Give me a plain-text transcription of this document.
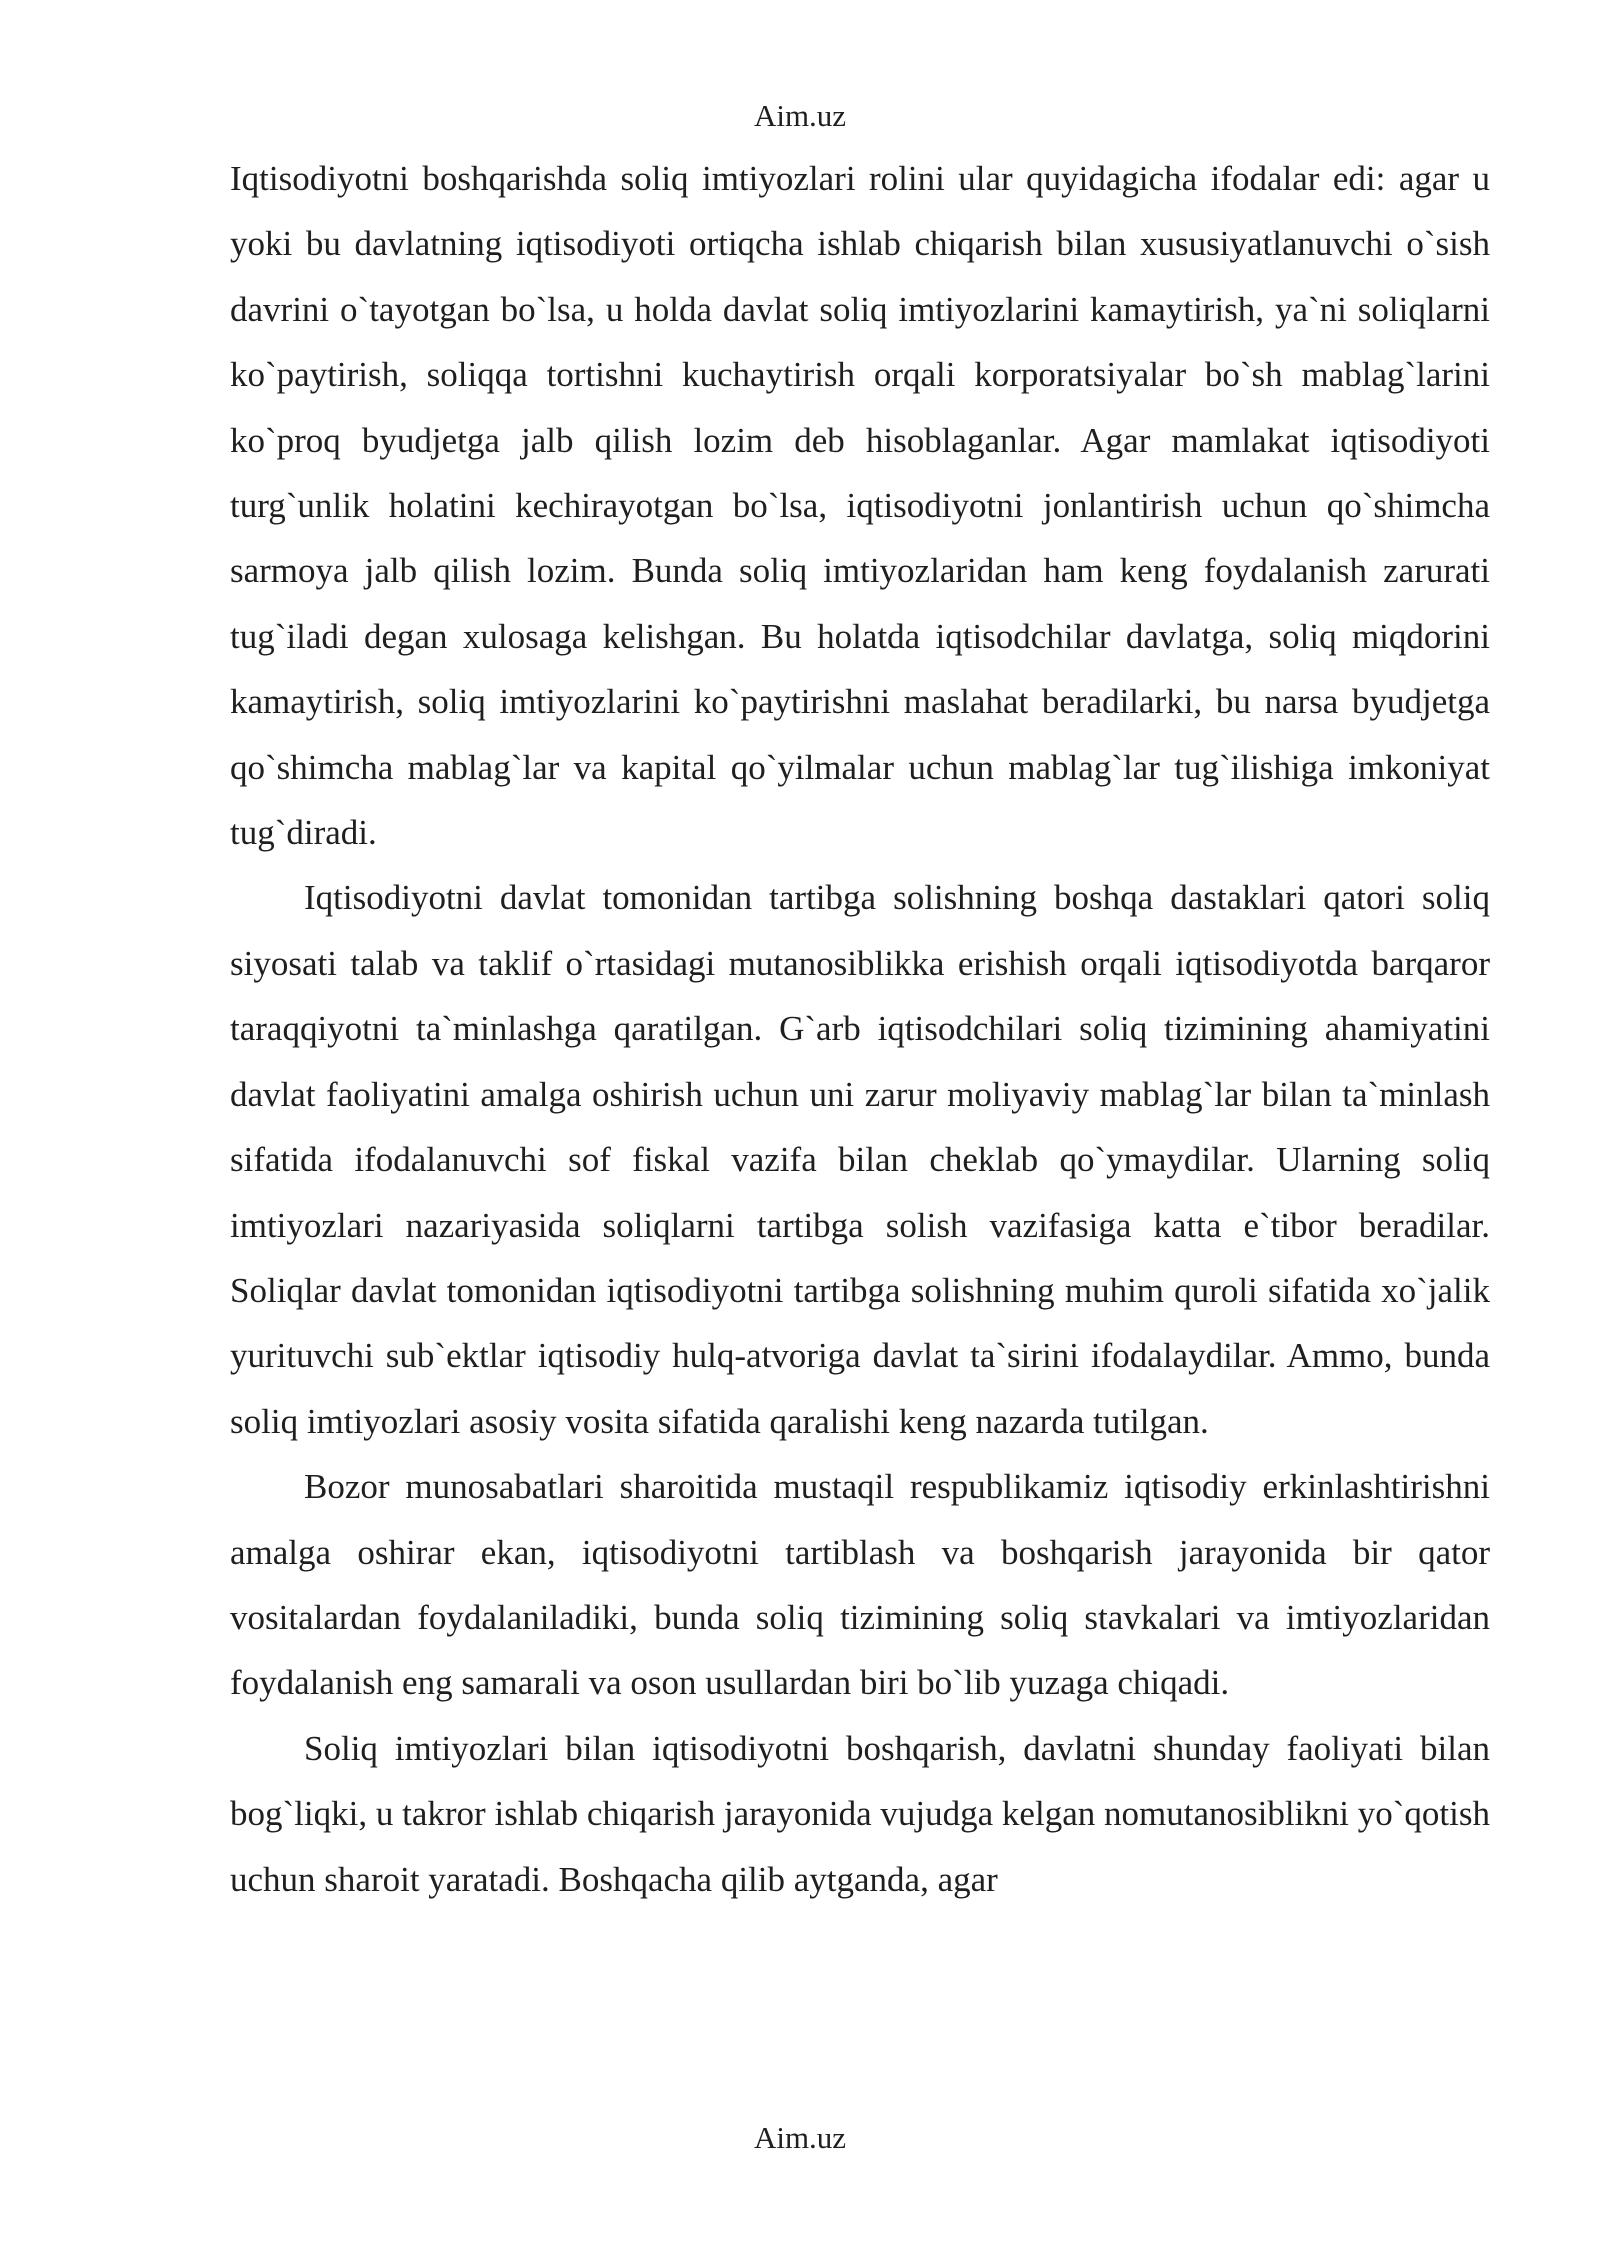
Aim.uz

Iqtisodiyotni boshqarishda soliq imtiyozlari rolini ular quyidagicha ifodalar edi: agar u yoki bu davlatning iqtisodiyoti ortiqcha ishlab chiqarish bilan xususiyatlanuvchi o`sish davrini o`tayotgan bo`lsa, u holda davlat soliq imtiyozlarini kamaytirish, ya`ni soliqlarni ko`paytirish, soliqqa tortishni kuchaytirish orqali korporatsiyalar bo`sh mablag`larini ko`proq byudjetga jalb qilish lozim deb hisoblaganlar. Agar mamlakat iqtisodiyoti turg`unlik holatini kechirayotgan bo`lsa, iqtisodiyotni jonlantirish uchun qo`shimcha sarmoya jalb qilish lozim. Bunda soliq imtiyozlaridan ham keng foydalanish zarurati tug`iladi degan xulosaga kelishgan. Bu holatda iqtisodchilar davlatga, soliq miqdorini kamaytirish, soliq imtiyozlarini ko`paytirishni maslahat beradilarki, bu narsa byudjetga qo`shimcha mablag`lar va kapital qo`yilmalar uchun mablag`lar tug`ilishiga imkoniyat tug`diradi.

Iqtisodiyotni davlat tomonidan tartibga solishning boshqa dastaklari qatori soliq siyosati talab va taklif o`rtasidagi mutanosiblikka erishish orqali iqtisodiyotda barqaror taraqqiyotni ta`minlashga qaratilgan. G`arb iqtisodchilari soliq tizimining ahamiyatini davlat faoliyatini amalga oshirish uchun uni zarur moliyaviy mablag`lar bilan ta`minlash sifatida ifodalanuvchi sof fiskal vazifa bilan cheklab qo`ymaydilar. Ularning soliq imtiyozlari nazariyasida soliqlarni tartibga solish vazifasiga katta e`tibor beradilar. Soliqlar davlat tomonidan iqtisodiyotni tartibga solishning muhim quroli sifatida xo`jalik yurituvchi sub`ektlar iqtisodiy hulq-atvoriga davlat ta`sirini ifodalaydilar. Ammo, bunda soliq imtiyozlari asosiy vosita sifatida qaralishi keng nazarda tutilgan.

Bozor munosabatlari sharoitida mustaqil respublikamiz iqtisodiy erkinlashtirishni amalga oshirar ekan, iqtisodiyotni tartiblash va boshqarish jarayonida bir qator vositalardan foydalaniladiki, bunda soliq tizimining soliq stavkalari va imtiyozlaridan foydalanish eng samarali va oson usullardan biri bo`lib yuzaga chiqadi.

Soliq imtiyozlari bilan iqtisodiyotni boshqarish, davlatni shunday faoliyati bilan bog`liqki, u takror ishlab chiqarish jarayonida vujudga kelgan nomutanosiblikni yo`qotish uchun sharoit yaratadi. Boshqacha qilib aytganda, agar

Aim.uz
